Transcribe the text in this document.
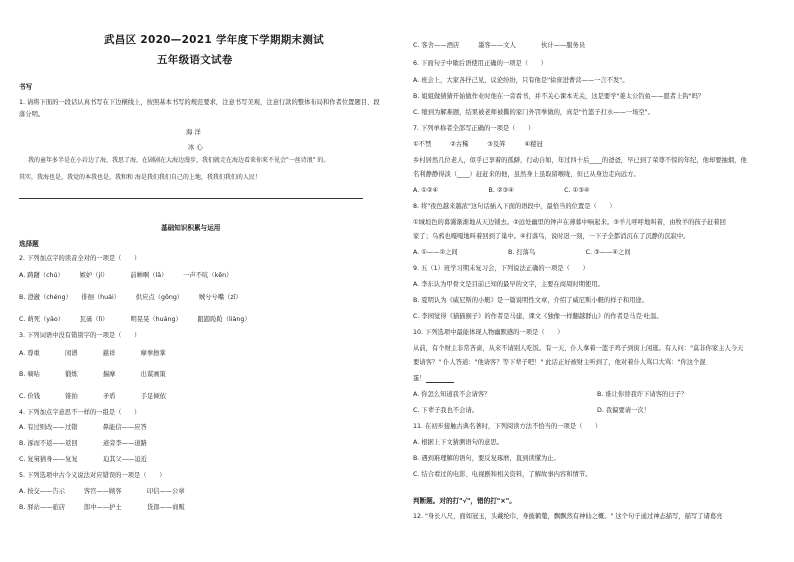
武昌区 2020—2021 学年度下学期期末测试
五年级语文试卷
书写
1. 请将下面的一段话认真书写在下边横线上，按照基本书写的规范要求，注意书写美观，注意行款的整体布局和作者位置题目、段
落分明。
海 洋
冰 心
我的童年多半是在小岩边了海，我思了海，在剧剧在大海边漫步，我们就走在海边看来你来不见会"一丝诗浪" 的。
其实，我海也是，我觉的本我也是，我和和 海是我们我们自己的上地，我我们我们的人民！
基础知识积累与运用
选择题
2. 下列加点字的读音全对的一项是（　　）
A. 踌躇（chú）　　　嫉妒（jí）　　　　前蝉啊（lā）　　　一声不吭（kēn）
B. 澄澈（chéng）　　徘徊（huái）　　　供应点（gōng）　　　贼兮兮嘴（zī）
C. 萌死（yāo）　　　瓦砾（lì）　　　　明晃晃（huáng）　　　踉踉跄跄（liàng）
3. 下列词语中没有错别字的一项是（　　）
A. 尊重　　　　闲谱　　　　慈祥　　　　摩拳擦掌
B. 嘀咕　　　　锻炼　　　　揣摩　　　　出谋画策
C. 价钱　　　　锥拍　　　　矛盾　　　　手足倾依
4. 下列加点字意思不一样的一组是（　　）
A. 有过则改——过错　　　　鼻能信——应答
B. 涿而不返——返回　　　　道旁李——道路
C. 复舅猜身——复复　　　　迫其父——迫近
5. 下列选项中古今义说法对应错误的一项是（　　）
A. 按交——告示　　　客官——顾客　　　　印信——公章
B. 驿站——旅店　　　郎中——护士　　　　货郎——商贩
C. 客舍——酒店　　　墨客——文人　　　　伙计——服务员
6. 下面句子中歇后语使用正确的一项是（　　）
A. 班会上，大家各抒己见，议论纷纷，只有他是"徐庶进曹营——一言不发"。
B. 姐姐做猜猜开始做作业时他在一旁看书，并不关心课本无关，这是要学"姜太公钓鱼——愿者上钩"吗？
C. 缩到为解难题，结果被老师被撕的家门外罚拳做的，真是"竹篮子打水——一场空"。
7. 下列单称者全部写正确的一项是（　　）
①不禁　　　②古稀　　　③及笄　　　④稷冠
乡村居然几位老人，似乎已享着的孤僻，行动自如，年过四十后____的爸爸，早已到了荣尊不惊的年纪，他却要抽烟，他
名利静静得淡（____）赶赶来的他，虽然身上虽取留喉咙，但已从身边走向远方。
A. ①②④　　　　　　　　B. ②③④　　　　　　　　C. ①③④
8. 将"夜色越来越浓"这句话插入下面的语段中，最恰当的位置是（　　）
①城垣色的暮霭渐渐地从天边铺去。②远处幽里的钟声在薄暮中响起来。③羊儿呼呼地叫着，由牧羊的孩子赶着回
家了；乌鸦也嘎嘎地叫着回到了巢中。④打落鸟，说时迟一刻，一下子全都消沉在了沉静的沉寂中。
A. ①——②之间　　　　　　　　B. 打落鸟　　　　　　　　C. ③——④之间
9. 五（1）班学习期末复习会，下列说法正确的一项是（　　）
A. 李东认为甲骨文是目前已知的最早的文字，主要在商周时期使用。
B. 夏明认为《威尼斯的小艇》是一篇说明性文章，介绍了威尼斯小艇的样子和用途。
C. 李园觉得《猫猫猴子》的作者是马建，课文《独像一样翻越群山》的作者是马克·吐温。
10. 下列选项中最能体现人物幽默感的一项是（　　）
从前，有个财主非常吝啬，从来不请别人吃饭。有一天，仆人拿着一篮子鸡子到街上闲逛。有人问："莫非你家主人今天
要请客？" 仆人答道："他请客？等下辈子吧！" 此话正好被财主听到了，他对着仆人骂口大骂："你这个混
蛋！
A. 你怎么知道我不会请客？	B. 谁让你替我许下请客的日子？
C. 下辈子我也不会请。	D. 我偏要请一次！
11. 在初步接触古典名著时，下列阅读方法不恰当的一项是（　　）
A. 根据上下文猜测语句的意思。
B. 遇到难理解的语句，要反复琢磨，直到读懂为止。
C. 结合看过的电影、电视剧和相关资料，了解故事内容和情节。
判断题。对的打"√"，错的打"×"。
12. "身长八尺，面如冠玉，头戴纶巾，身披鹤氅，飘飘然有神仙之概。" 这个句子通过神态描写，描写了诸葛亮
